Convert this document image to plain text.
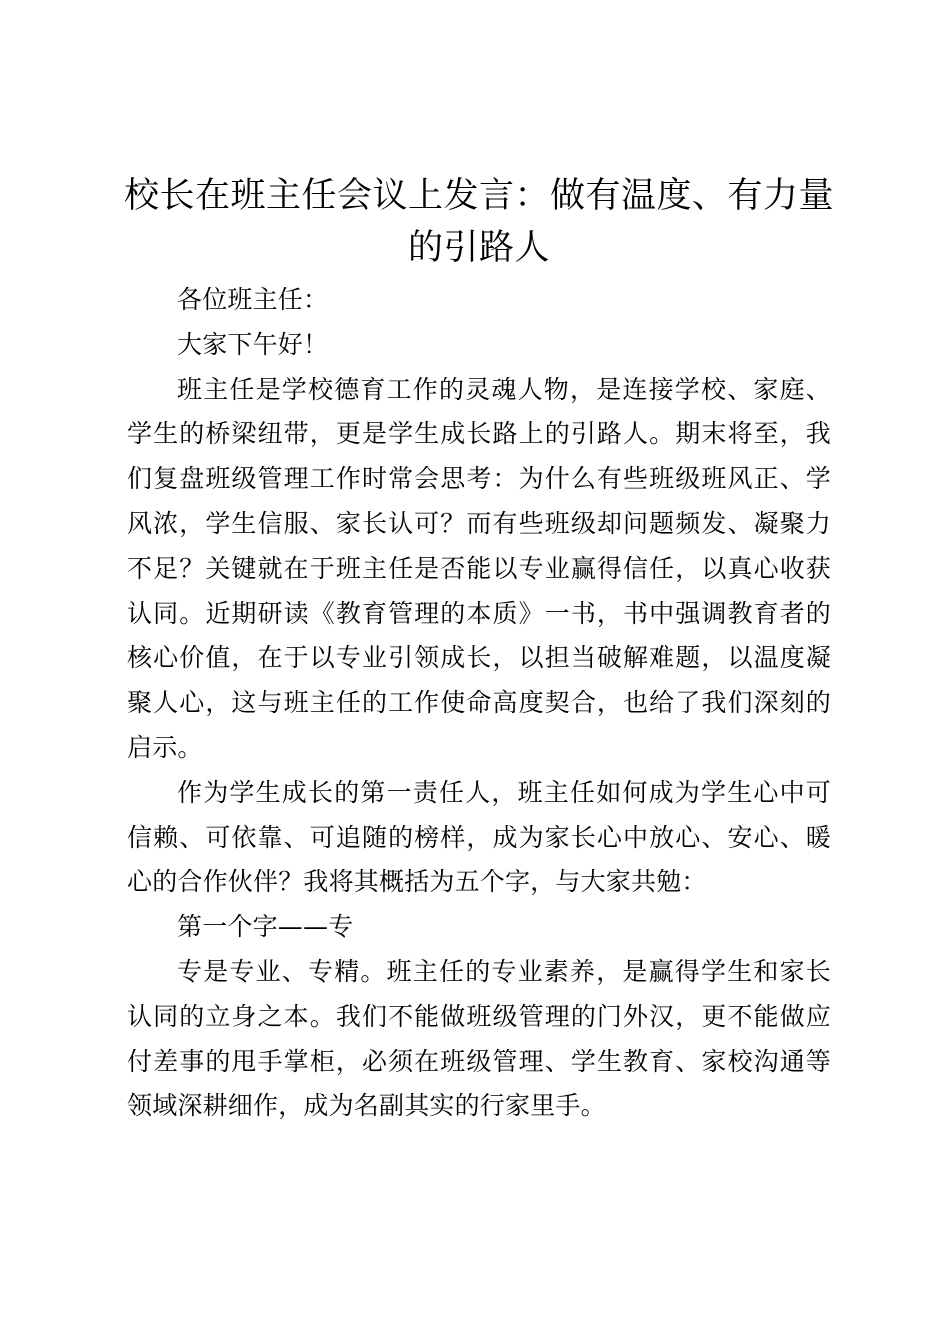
校长在班主任会议上发言：做有温度、有力量的引路人

各位班主任：

大家下午好！

班主任是学校德育工作的灵魂人物，是连接学校、家庭、学生的桥梁纽带，更是学生成长路上的引路人。期末将至，我们复盘班级管理工作时常会思考：为什么有些班级班风正、学风浓，学生信服、家长认可？而有些班级却问题频发、凝聚力不足？关键就在于班主任是否能以专业赢得信任，以真心收获认同。近期研读《教育管理的本质》一书，书中强调教育者的核心价值，在于以专业引领成长，以担当破解难题，以温度凝聚人心，这与班主任的工作使命高度契合，也给了我们深刻的启示。

作为学生成长的第一责任人，班主任如何成为学生心中可信赖、可依靠、可追随的榜样，成为家长心中放心、安心、暖心的合作伙伴？我将其概括为五个字，与大家共勉：

第一个字——专

专是专业、专精。班主任的专业素养，是赢得学生和家长认同的立身之本。我们不能做班级管理的门外汉，更不能做应付差事的甩手掌柜，必须在班级管理、学生教育、家校沟通等领域深耕细作，成为名副其实的行家里手。
